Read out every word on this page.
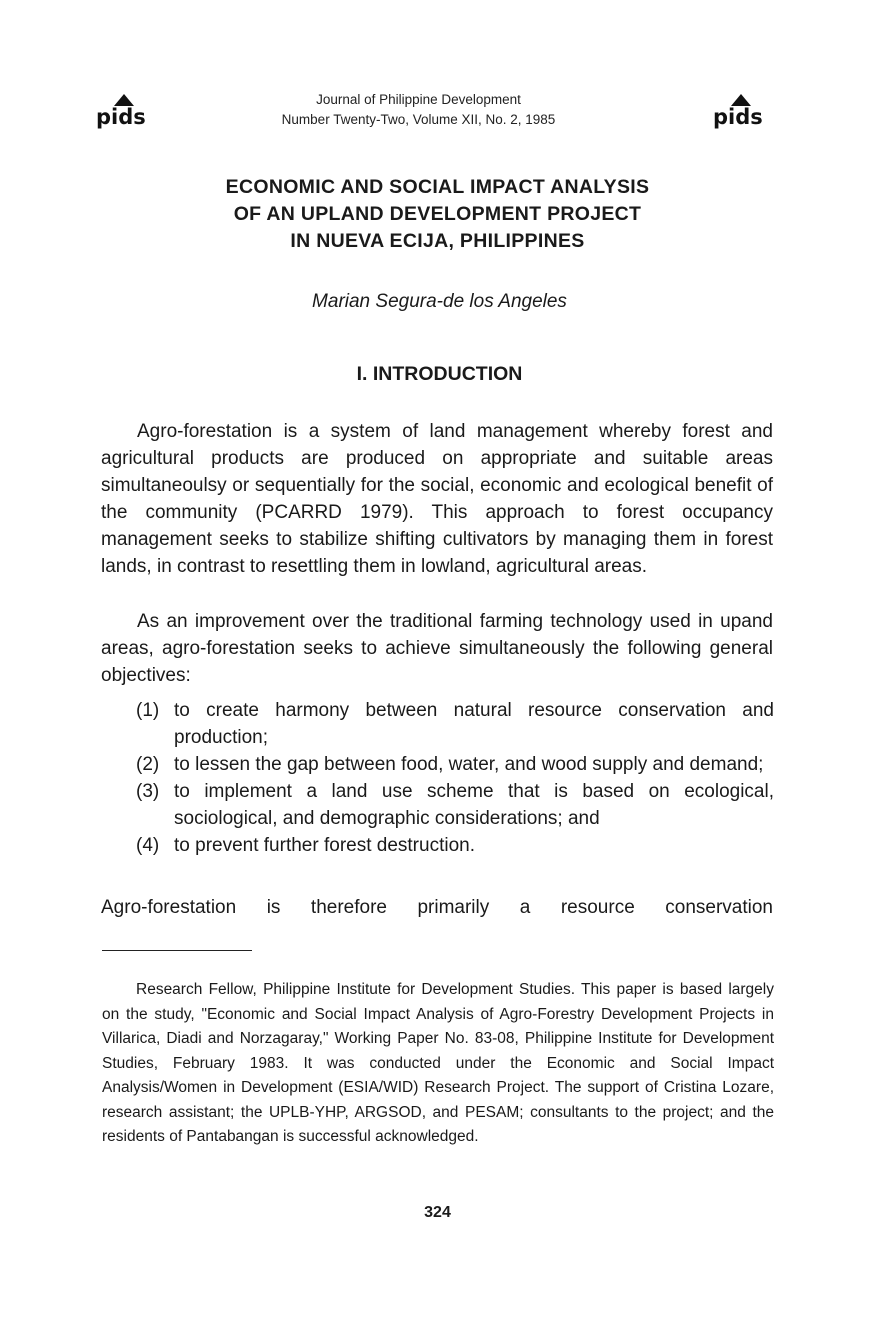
pids
Journal of Philippine Development
Number Twenty-Two, Volume XII, No. 2, 1985	pids
ECONOMIC AND SOCIAL IMPACT ANALYSIS
OF AN UPLAND DEVELOPMENT PROJECT
IN NUEVA ECIJA, PHILIPPINES
Marian Segura-de los Angeles
I. INTRODUCTION
Agro-forestation is a system of land management whereby forest and agricultural products are produced on appropriate and suitable areas simultaneoulsy or sequentially for the social, economic and ecological benefit of the community (PCARRD 1979). This approach to forest occupancy management seeks to stabilize shifting cultivators by managing them in forest lands, in contrast to resettling them in lowland, agricultural areas.
As an improvement over the traditional farming technology used in upand areas, agro-forestation seeks to achieve simultaneously the following general objectives:
(1) to create harmony between natural resource conservation and production;
(2) to lessen the gap between food, water, and wood supply and demand;
(3) to implement a land use scheme that is based on ecological, sociological, and demographic considerations; and
(4) to prevent further forest destruction.
Agro-forestation is therefore primarily a resource conservation
Research Fellow, Philippine Institute for Development Studies. This paper is based largely on the study, "Economic and Social Impact Analysis of Agro-Forestry Development Projects in Villarica, Diadi and Norzagaray," Working Paper No. 83-08, Philippine Institute for Development Studies, February 1983. It was conducted under the Economic and Social Impact Analysis/Women in Development (ESIA/WID) Research Project. The support of Cristina Lozare, research assistant; the UPLB-YHP, ARGSOD, and PESAM; consultants to the project; and the residents of Pantabangan is successful acknowledged.
324
